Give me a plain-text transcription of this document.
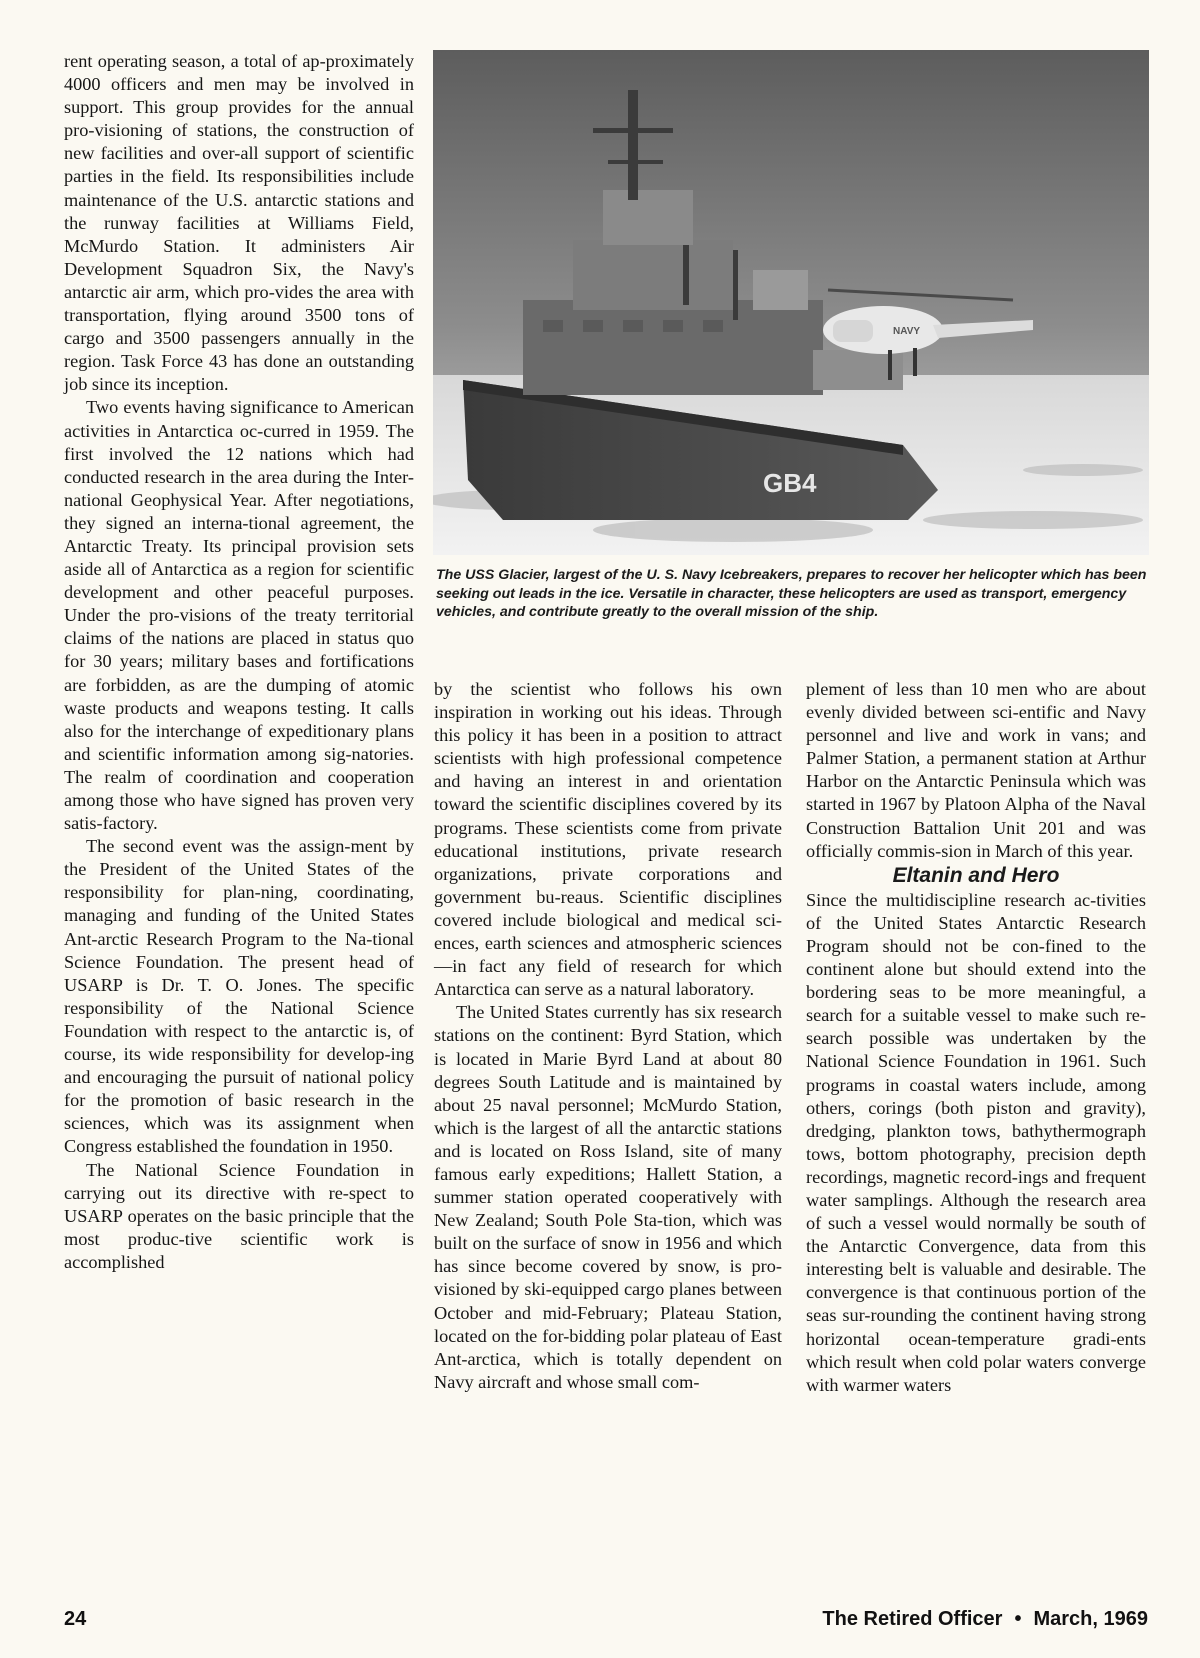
rent operating season, a total of ap-proximately 4000 officers and men may be involved in support. This group provides for the annual pro-visioning of stations, the construction of new facilities and over-all support of scientific parties in the field. Its responsibilities include maintenance of the U.S. antarctic stations and the runway facilities at Williams Field, McMurdo Station. It administers Air Development Squadron Six, the Navy's antarctic air arm, which pro-vides the area with transportation, flying around 3500 tons of cargo and 3500 passengers annually in the region. Task Force 43 has done an outstanding job since its inception.

Two events having significance to American activities in Antarctica oc-curred in 1959. The first involved the 12 nations which had conducted research in the area during the Inter-national Geophysical Year. After negotiations, they signed an interna-tional agreement, the Antarctic Treaty. Its principal provision sets aside all of Antarctica as a region for scientific development and other peaceful purposes. Under the pro-visions of the treaty territorial claims of the nations are placed in status quo for 30 years; military bases and fortifications are forbidden, as are the dumping of atomic waste products and weapons testing. It calls also for the interchange of expeditionary plans and scientific information among sig-natories. The realm of coordination and cooperation among those who have signed has proven very satis-factory.

The second event was the assign-ment by the President of the United States of the responsibility for plan-ning, coordinating, managing and funding of the United States Ant-arctic Research Program to the Na-tional Science Foundation. The present head of USARP is Dr. T. O. Jones. The specific responsibility of the National Science Foundation with respect to the antarctic is, of course, its wide responsibility for develop-ing and encouraging the pursuit of national policy for the promotion of basic research in the sciences, which was its assignment when Congress established the foundation in 1950.

The National Science Foundation in carrying out its directive with re-spect to USARP operates on the basic principle that the most produc-tive scientific work is accomplished

GB4
NAVY
The USS Glacier, largest of the U. S. Navy Icebreakers, prepares to recover her helicopter which has been seeking out leads in the ice. Versatile in character, these helicopters are used as transport, emergency vehicles, and contribute greatly to the overall mission of the ship.

by the scientist who follows his own inspiration in working out his ideas. Through this policy it has been in a position to attract scientists with high professional competence and having an interest in and orientation toward the scientific disciplines covered by its programs. These scientists come from private educational institutions, private research organizations, private corporations and government bu-reaus. Scientific disciplines covered include biological and medical sci-ences, earth sciences and atmospheric sciences—in fact any field of research for which Antarctica can serve as a natural laboratory.

The United States currently has six research stations on the continent: Byrd Station, which is located in Marie Byrd Land at about 80 degrees South Latitude and is maintained by about 25 naval personnel; McMurdo Station, which is the largest of all the antarctic stations and is located on Ross Island, site of many famous early expeditions; Hallett Station, a summer station operated cooperatively with New Zealand; South Pole Sta-tion, which was built on the surface of snow in 1956 and which has since become covered by snow, is pro-visioned by ski-equipped cargo planes between October and mid-February; Plateau Station, located on the for-bidding polar plateau of East Ant-arctica, which is totally dependent on Navy aircraft and whose small com-

plement of less than 10 men who are about evenly divided between sci-entific and Navy personnel and live and work in vans; and Palmer Station, a permanent station at Arthur Harbor on the Antarctic Peninsula which was started in 1967 by Platoon Alpha of the Naval Construction Battalion Unit 201 and was officially commis-sion in March of this year.

Eltanin and Hero

Since the multidiscipline research ac-tivities of the United States Antarctic Research Program should not be con-fined to the continent alone but should extend into the bordering seas to be more meaningful, a search for a suitable vessel to make such re-search possible was undertaken by the National Science Foundation in 1961. Such programs in coastal waters include, among others, corings (both piston and gravity), dredging, plankton tows, bathythermograph tows, bottom photography, precision depth recordings, magnetic record-ings and frequent water samplings. Although the research area of such a vessel would normally be south of the Antarctic Convergence, data from this interesting belt is valuable and desirable. The convergence is that continuous portion of the seas sur-rounding the continent having strong horizontal ocean-temperature gradi-ents which result when cold polar waters converge with warmer waters

24	The Retired Officer • March, 1969
